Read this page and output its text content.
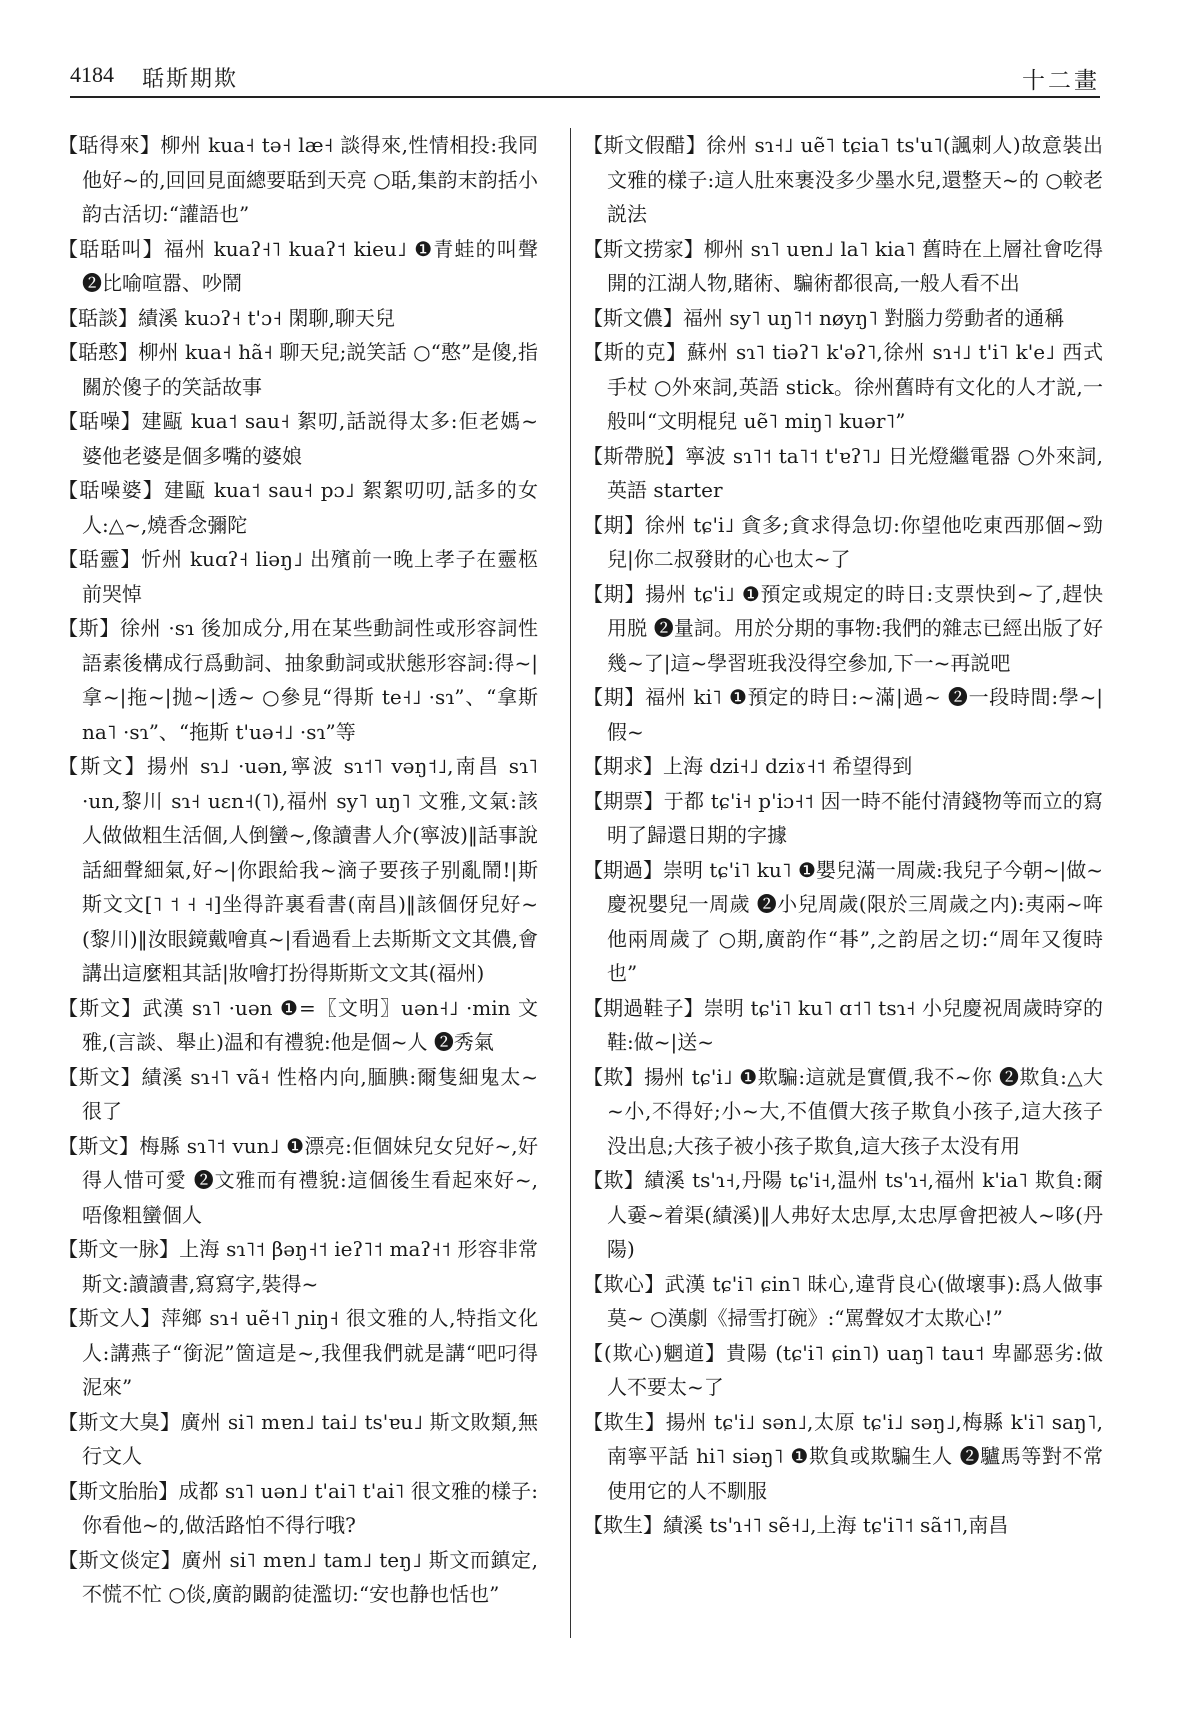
4184 聒斯期欺	十二畫

【聒得來】柳州 kua˧ tə˧ læ˧ 談得來,性情相投:我同他好~的,回回見面總要聒到天亮 ○聒,集韵末韵括小韵古活切:“讙語也”

【聒聒叫】福州 kuaʔ˧˥ kuaʔ˦ kieu˩ ❶青蛙的叫聲 ❷比喻喧嚣、吵鬧

【聒談】績溪 kuɔʔ˧ t'ɔ˧ 閑聊,聊天兒

【聒憨】柳州 kua˧ hã˧ 聊天兒;説笑話 ○“憨”是傻,指關於傻子的笑話故事

【聒噪】建甌 kua˦ sau˧ 絮叨,話説得太多:佢老媽~婆他老婆是個多嘴的婆娘

【聒噪婆】建甌 kua˦ sau˧ pɔ˩ 絮絮叨叨,話多的女人:△~,燒香念彌陀

【聒靈】忻州 kuɑʔ˧ liəŋ˩ 出殯前一晚上孝子在靈柩前哭悼

【斯】徐州 ·sɿ 後加成分,用在某些動詞性或形容詞性語素後構成行爲動詞、抽象動詞或狀態形容詞:得~|拿~|拖~|抛~|透~ ○參見“得斯 te˧˩ ·sɿ”、“拿斯 na˥ ·sɿ”、“拖斯 t'uə˧˩ ·sɿ”等

【斯文】揚州 sɿ˩ ·uən,寧波 sɿ˦˥ vəŋ˦˩,南昌 sɿ˥ ·un,黎川 sɿ˧ uɛn˧(˥),福州 sy˥ uŋ˥ 文雅,文氣:該人做做粗生活個,人倒蠻~,像讀書人介(寧波)‖話事說話細聲細氣,好~|你跟給我~滴子要孩子别亂鬧!|斯斯文文[˥ ˦ ˧ ˧]坐得許裏看書(南昌)‖該個伢兒好~(黎川)‖汝眼鏡戴噲真~|看過看上去斯斯文文其儂,會講出這麼粗其話|妝噲打扮得斯斯文文其(福州)

【斯文】武漢 sɿ˥ ·uən ❶=〖文明〗uən˧˩ ·min 文雅,(言談、舉止)温和有禮貌:他是個~人 ❷秀氣

【斯文】績溪 sɿ˧˥ vã˧ 性格内向,腼腆:爾隻細鬼太~很了

【斯文】梅縣 sɿ˥˦ vun˩ ❶漂亮:佢個妹兒女兒好~,好得人惜可愛 ❷文雅而有禮貌:這個後生看起來好~,唔像粗蠻個人

【斯文一脉】上海 sɿ˥˦ βəŋ˧˦ ieʔ˥˦ maʔ˧˦ 形容非常斯文:讀讀書,寫寫字,裝得~

【斯文人】萍鄉 sɿ˧ uẽ˧˥ ɲiŋ˧ 很文雅的人,特指文化人:講燕子“銜泥”箇這是~,我俚我們就是講“吧叼得泥來”

【斯文大臭】廣州 si˥ mɐn˩ tai˩ ts'ɐu˩ 斯文敗類,無行文人

【斯文胎胎】成都 sɿ˥ uən˩ t'ai˥ t'ai˥ 很文雅的樣子:你看他~的,做活路怕不得行哦?

【斯文倓定】廣州 si˥ mɐn˩ tam˩ teŋ˩ 斯文而鎮定,不慌不忙 ○倓,廣韵闞韵徒濫切:“安也静也恬也”

【斯文假醋】徐州 sɿ˧˩ uẽ˥ tɕia˥ ts'u˥(諷刺人)故意裝出文雅的樣子:這人肚來裹没多少墨水兒,還整天~的 ○較老説法

【斯文捞家】柳州 sɿ˥ uɐn˩ la˥ kia˥ 舊時在上層社會吃得開的江湖人物,賭術、騙術都很高,一般人看不出

【斯文儂】福州 sy˥ uŋ˥˦ nøyŋ˥ 對腦力勞動者的通稱

【斯的克】蘇州 sɿ˥ tiəʔ˥ k'əʔ˥,徐州 sɿ˧˩ t'i˥ k'e˩ 西式手杖 ○外來詞,英語 stick。徐州舊時有文化的人才説,一般叫“文明棍兒 uẽ˥ miŋ˥ kuər˥”

【斯帶脱】寧波 sɿ˥˦ ta˥˦ t'ɐʔ˥˩ 日光燈繼電器 ○外來詞,英語 starter

【期】徐州 tɕ'i˩ 貪多;貪求得急切:你望他吃東西那個~勁兒|你二叔發財的心也太~了

【期】揚州 tɕ'i˩ ❶預定或規定的時日:支票快到~了,趕快用脱 ❷量詞。用於分期的事物:我們的雜志已經出版了好幾~了|這~學習班我没得空參加,下一~再説吧

【期】福州 ki˥ ❶預定的時日:~滿|過~ ❷一段時間:學~|假~

【期求】上海 dzi˧˩ dziɤ˧˦ 希望得到

【期票】于都 tɕ'i˧ p'iɔ˧˦ 因一時不能付清錢物等而立的寫明了歸還日期的字據

【期過】崇明 tɕ'i˥ ku˥ ❶嬰兒滿一周歲:我兒子今朝~|做~慶祝嬰兒一周歲 ❷小兒周歲(限於三周歲之内):夷兩~哖他兩周歲了 ○期,廣韵作“朞”,之韵居之切:“周年又復時也”

【期過鞋子】崇明 tɕ'i˥ ku˥ ɑ˦˥ tsɿ˧ 小兒慶祝周歲時穿的鞋:做~|送~

【欺】揚州 tɕ'i˩ ❶欺騙:這就是實價,我不~你 ❷欺負:△大~小,不得好;小~大,不值價大孩子欺負小孩子,這大孩子没出息;大孩子被小孩子欺負,這大孩子太没有用

【欺】績溪 ts'ɿ˧,丹陽 tɕ'i˧,温州 ts'ɿ˧,福州 k'ia˥ 欺負:爾人嫑~着渠(績溪)‖人弗好太忠厚,太忠厚會把被人~哆(丹陽)

【欺心】武漢 tɕ'i˥ ɕin˥ 昧心,違背良心(做壞事):爲人做事莫~ ○漢劇《掃雪打碗》:“罵聲奴才太欺心!”

【(欺心)魍道】貴陽 (tɕ'i˥ ɕin˥) uaŋ˥ tau˦ 卑鄙惡劣:做人不要太~了

【欺生】揚州 tɕ'i˩ sən˩,太原 tɕ'i˩ səŋ˩,梅縣 k'i˥ saŋ˥,南寧平話 hi˥ siəŋ˥ ❶欺負或欺騙生人 ❷驢馬等對不常使用它的人不馴服

【欺生】績溪 ts'ɿ˧˥ sẽ˧˩,上海 tɕ'i˥˦ sã˦˥,南昌
